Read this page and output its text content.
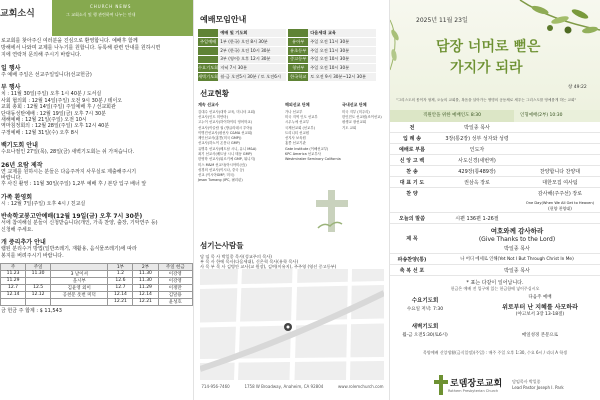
교회소식
CHURCH NEWS
그 교회소식 및 행 관련하여 나누는 안내
로교회를 찾아주신 여러분을 진심으로 환영합니다. 예배후 함께
방해에서 나와며 교제를 나누기를 원합니다. 등록해 관련 안내를 원하시면
지에 연락처 문의해 주시기 바랍니다.
일 행사
주 예배 주일은 선교주일입니다(선교헌금)
부 행사
치 : 11월 30일(주일) 오후 1시 40분 / 도서실
사회 협의회 : 12월 14일(주일) 오전 9시 30분 / 테이오
교회 총회 : 12월 14일(주일) 주일예배 후 / 선교회관
단대동성탄예배 : 12월 19일(금) 오후 7시 30분
새해예배 : 12월 21일(주일) 오전 10시
역마침정회의 : 12월 28일(주일) 오후 12시 40분
구정예배 : 12월 31일(수) 오후 8시
백기도회 안내
수요나절인 27일(목), 28일(금) 새벽기도회는 쉬 가져습니다.
26년 요람 제작
연 교제를 원하시는 분들은 다음주까지 사무실로 제출해주시기
바랍니다.
후 사진 촬영 : 11월 30일(주일) 1,2부 예배 후 / 본당 입구 배너 앞
가족 환영회
시 : 12월 7일(주일) 오후 4시 / 친교실
반속학교봉고안예배(12월 19일(금) 오후 7시 30분)
서에 참여해실 분들이 신청받습니다(개인, 가족 찬양, 출장, 기악연주 등)
신청해 주세요.
개 중리추가 안내
랩된 분리수거 방법(일반쓰레기, 재활용, 음식물쓰레기)에 따라
봉지를 버려주시기 바랍니다.
주	주일		1부	2부	주일 헌금
11.23	11.30	3 날이셔	1.2	11.30	이강영
11.29		을시부	12.6	11.30	이강영
12.7	12.5	김윤영 외이	12.7	11.29	이정만
12.14	12.12	공천문 옷번 미덕	12.14	12.14	김달용
			12.21	12.21	윤성호
금 헌금 주 합계 : $ 11,543
예배모임안내
	예배 및 기도회
주일예배	1부 (한국) 오전 8시 30분
	2부 (한국) 오전 10시 30분
	3부 (영어) 오후 12시 30분
수요기도회	저녁 7시 30분
새벽기도회	월-금 오전5시 30분 / 토 오전6시
	다음세대 교육
유아부	주일 오전 11시 30분
유초등부	주일 오전 11시 30분
중고등부	주일 오전 10시 30분
청년부	주일 오전 10시 30분
한국학교	토 오전 9시 30분~12시 30분
선교현황
계속 선교사
김대수 선교사(대학 교육, 미니샤 교회)
선교사(인도 미얀마)
고누이 선교사(하이하이티 영어학교)
선교사(이슬람 권 (방글라데시 투아))
이병진선교사(평선사 C&MA 선교회)
제인선교사(홍콩(미국 GMP))
선교사(하노이 온몽나 GMP)
유병록 선교사(베트남 시니, 유니 M&A)
최기 선교사(베트남 시니 태동 GMP)
한영학 선교사(튀르키예 GMP, 튀니지)
미스 M&M 선교사(아시아미(신))
성경의 선교사(이시나, 중국 등)
선교 (이시아GMP, 미국)
Jesan Tumang (IPC, 필리핀)
해외선교 단체
가나 선교부
미국 지역 인도 선교부
시무누에 선교부
국제선교회 (선교부)
트리니티 선교원
선지사 보육원
홍콩 선교기관
Gate Institute (이해선교부)
KPC America 선교부사
Westminster Seminary California
국내선교 단체
미국 지부 (미주리)
한인전도 선교원(조이선교)
평생교 장선교회
기도 교회
섬기는사람들
담 임 목 사 박일종 목사(성교주의 목사)
부 목 사 한에 목사(다음세대), 신은혁 목사(유학 목사)
사 목 부 목 사 김병안 교사(교 원장), 김여(이유지), 주주영 (영선 중고등부)
714-956-7460	1758 W Broadway, Anaheim, CA 92804	www.rolemchurch.com
2025년 11월 23일
담장 너머로 뻗은
가지가 되라
창 49:22
"그리스도의 몸이자 형제, 오늘의 교회를, 복음을 살아가는 생명의 공동체로 세우는 그리스도를 영예롭게 하는 교회"
직원안을 위한 예배인도 8:30	인형예배(2부) 10:30
전	박일종 목사
입 례 송	3장(통2장) 성부 성자와 성령
예배로 부름	인도자
신 앙 고 백	사도신경(새번역)
찬 송	429장(통489장)	찬양합니다 찬양대
대 표 기 도	권삼옥 장로	대한모집 여사팀
찬 양	감사해(주주선) 장로
One Day(When We All Get to Heaven)
(헌양 찬양대)
오늘의 말씀	시편 136편 1-26절
제 목
여호와께 감사하라
(Give Thanks to the Lord)
박일종 목사
파송찬양(통)	나 어디 에세로 인해(Yet Not I But Through Christ In Me)
축 복 선 포	박일종 목사
* 표는 다같이 일어납니다.
헌금은 예배 전 입구에 있는 헌금함에 넣어주십시오
수요기도회
수요일 저녁: 7:30
새벽기도회
월-금 오전5:30(토6시)
다음주 예배
위로부터 난 지혜를 사모하라
(야고보서 3장 13-18절)
매일성경 본문으로
목양예배 신앙생활(금식일정)(주일) : 매주 주일 오후 1:30, 수요 6시 / 리더 A 학생
로뎀장로교회
Rothem Presbyterian Church
담임목사 박일종
Lead Pastor Joseph I. Park
